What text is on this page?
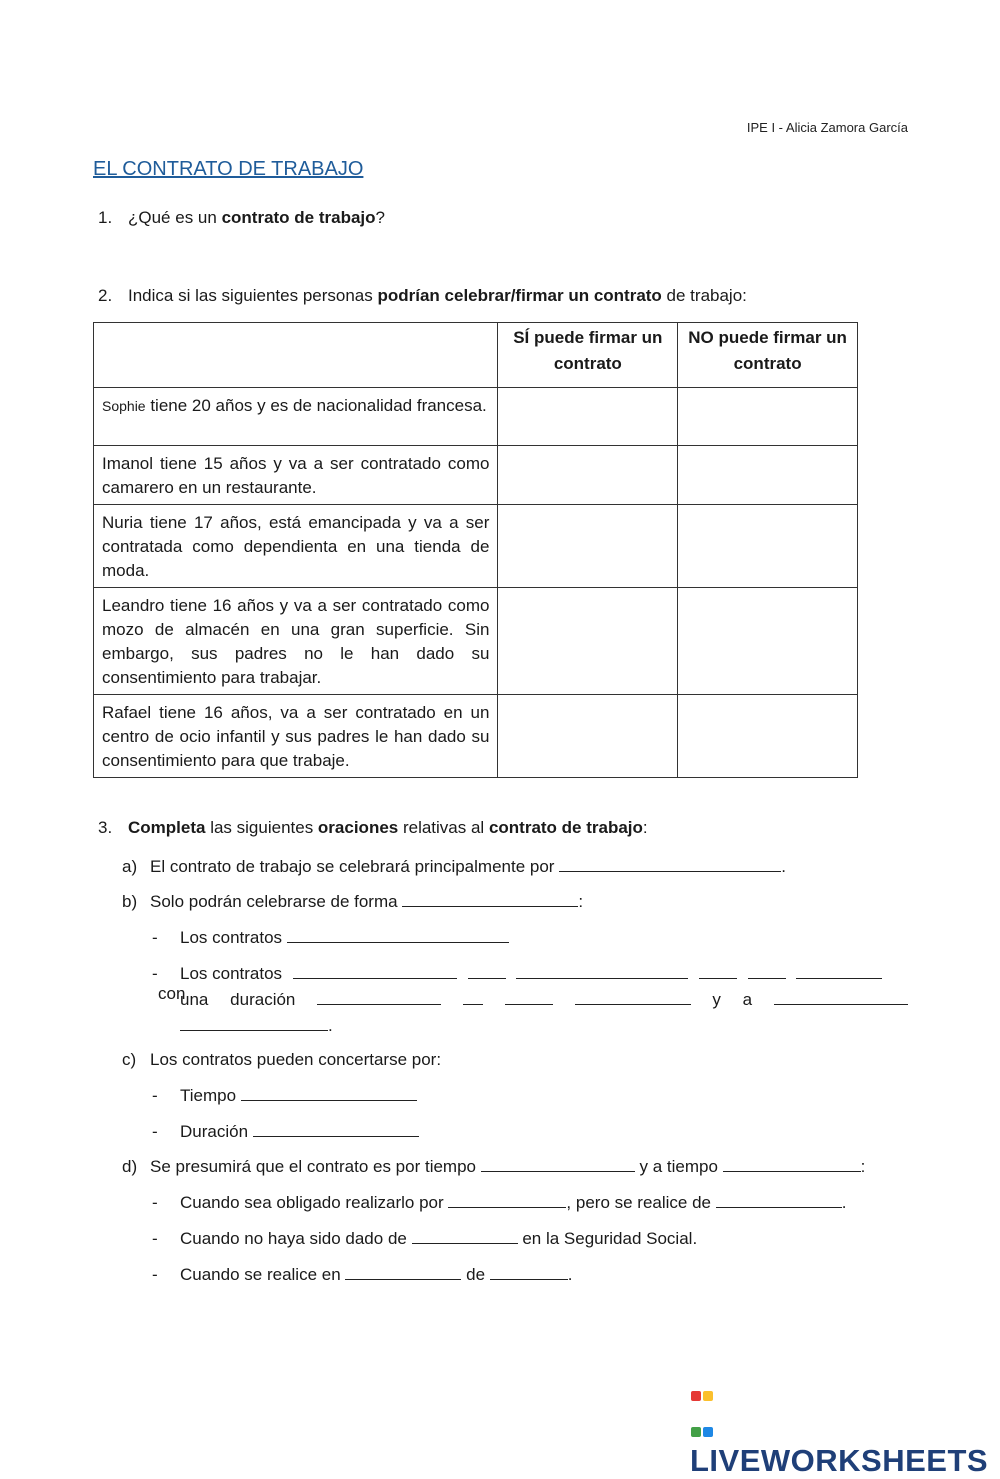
IPE I - Alicia Zamora García
EL CONTRATO DE TRABAJO
1. ¿Qué es un contrato de trabajo?
2. Indica si las siguientes personas podrían celebrar/firmar un contrato de trabajo:
	SÍ puede firmar un contrato	NO puede firmar un contrato
Sophie tiene 20 años y es de nacionalidad francesa.		
Imanol tiene 15 años y va a ser contratado como camarero en un restaurante.		
Nuria tiene 17 años, está emancipada y va a ser contratada como dependienta en una tienda de moda.		
Leandro tiene 16 años y va a ser contratado como mozo de almacén en una gran superficie. Sin embargo, sus padres no le han dado su consentimiento para trabajar.		
Rafael tiene 16 años, va a ser contratado en un centro de ocio infantil y sus padres le han dado su consentimiento para que trabaje.		
3. Completa las siguientes oraciones relativas al contrato de trabajo:
a) El contrato de trabajo se celebrará principalmente por	.
b) Solo podrán celebrarse de forma	:
- Los contratos
- Los contratos       con
una duración	y a
.
c) Los contratos pueden concertarse por:
- Tiempo
- Duración
d) Se presumirá que el contrato es por tiempo	y a tiempo	:
- Cuando sea obligado realizarlo por	, pero se realice de	.
- Cuando no haya sido dado de	en la Seguridad Social.
- Cuando se realice en	de	.

LIVEWORKSHEETS
